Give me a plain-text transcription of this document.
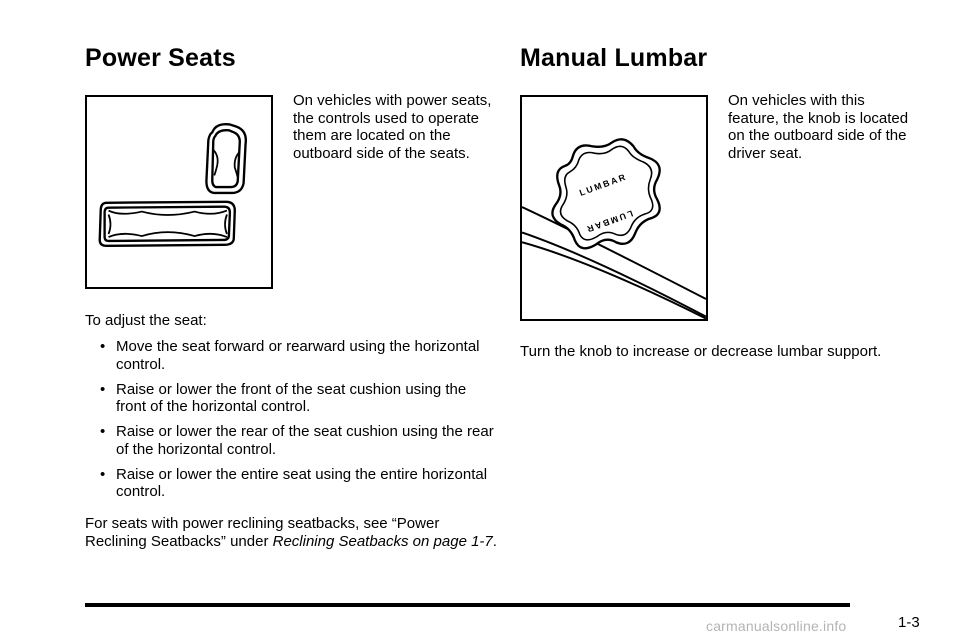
Power Seats	Manual Lumbar
On vehicles with power seats, the controls used to operate them are located on the outboard side of the seats.
To adjust the seat:
• Move the seat forward or rearward using the horizontal control.
• Raise or lower the front of the seat cushion using the front of the horizontal control.
• Raise or lower the rear of the seat cushion using the rear of the horizontal control.
• Raise or lower the entire seat using the entire horizontal control.
For seats with power reclining seatbacks, see “Power Reclining Seatbacks” under Reclining Seatbacks on page 1-7.
LUMBAR
LUMBAR
On vehicles with this feature, the knob is located on the outboard side of the driver seat.
Turn the knob to increase or decrease lumbar support.
1-3
carmanualsonline.info
